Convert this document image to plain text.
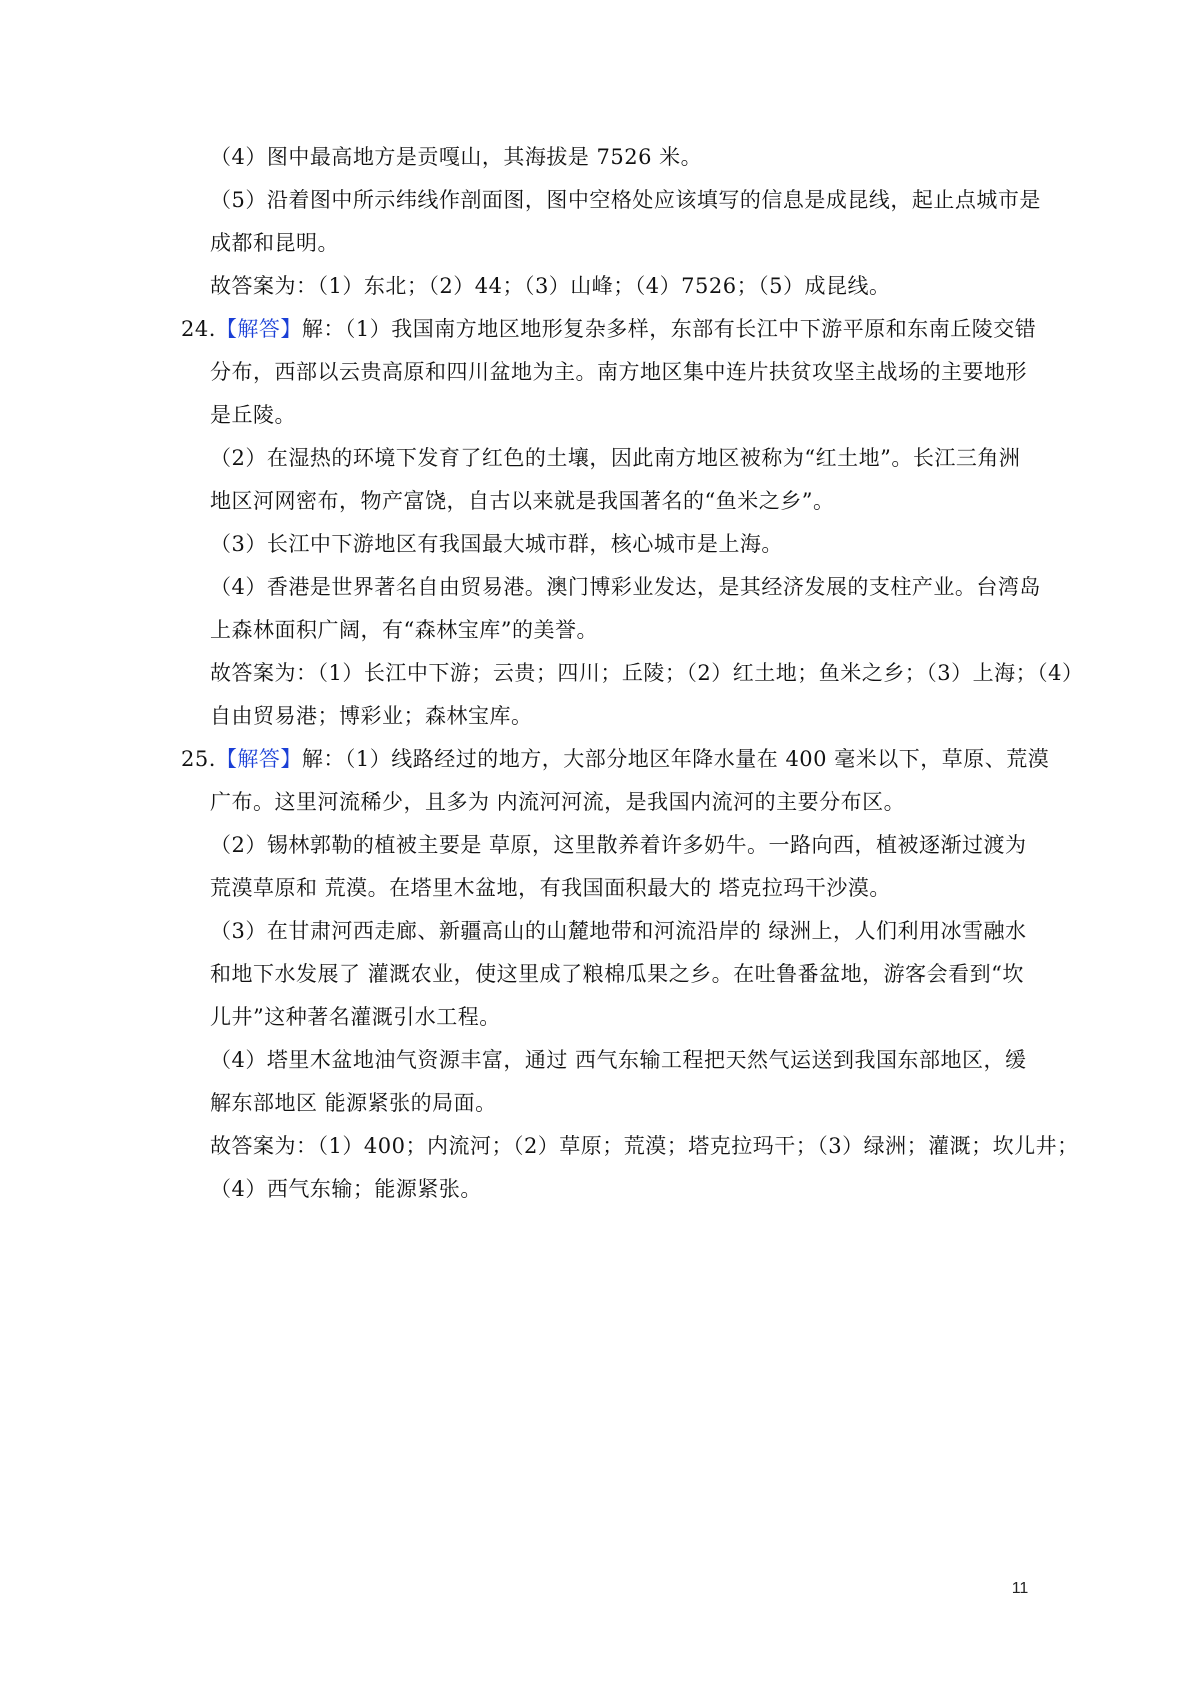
（4）图中最高地方是贡嘎山，其海拔是 7526 米。
（5）沿着图中所示纬线作剖面图，图中空格处应该填写的信息是成昆线，起止点城市是
成都和昆明。
故答案为：（1）东北；（2）44；（3）山峰；（4）7526；（5）成昆线。
24.【解答】解：（1）我国南方地区地形复杂多样，东部有长江中下游平原和东南丘陵交错
分布，西部以云贵高原和四川盆地为主。南方地区集中连片扶贫攻坚主战场的主要地形
是丘陵。
（2）在湿热的环境下发育了红色的土壤，因此南方地区被称为“红土地”。长江三角洲
地区河网密布，物产富饶，自古以来就是我国著名的“鱼米之乡”。
（3）长江中下游地区有我国最大城市群，核心城市是上海。
（4）香港是世界著名自由贸易港。澳门博彩业发达，是其经济发展的支柱产业。台湾岛
上森林面积广阔，有“森林宝库”的美誉。
故答案为：（1）长江中下游；云贵；四川；丘陵；（2）红土地；鱼米之乡；（3）上海；（4）
自由贸易港；博彩业；森林宝库。
25.【解答】解：（1）线路经过的地方，大部分地区年降水量在 400 毫米以下，草原、荒漠
广布。这里河流稀少，且多为 内流河河流，是我国内流河的主要分布区。
（2）锡林郭勒的植被主要是 草原，这里散养着许多奶牛。一路向西，植被逐渐过渡为
荒漠草原和 荒漠。在塔里木盆地，有我国面积最大的 塔克拉玛干沙漠。
（3）在甘肃河西走廊、新疆高山的山麓地带和河流沿岸的 绿洲上，人们利用冰雪融水
和地下水发展了 灌溉农业，使这里成了粮棉瓜果之乡。在吐鲁番盆地，游客会看到“坎
儿井”这种著名灌溉引水工程。
（4）塔里木盆地油气资源丰富，通过 西气东输工程把天然气运送到我国东部地区，缓
解东部地区 能源紧张的局面。
故答案为：（1）400；内流河；（2）草原；荒漠；塔克拉玛干；（3）绿洲；灌溉；坎儿井；
（4）西气东输；能源紧张。
11
